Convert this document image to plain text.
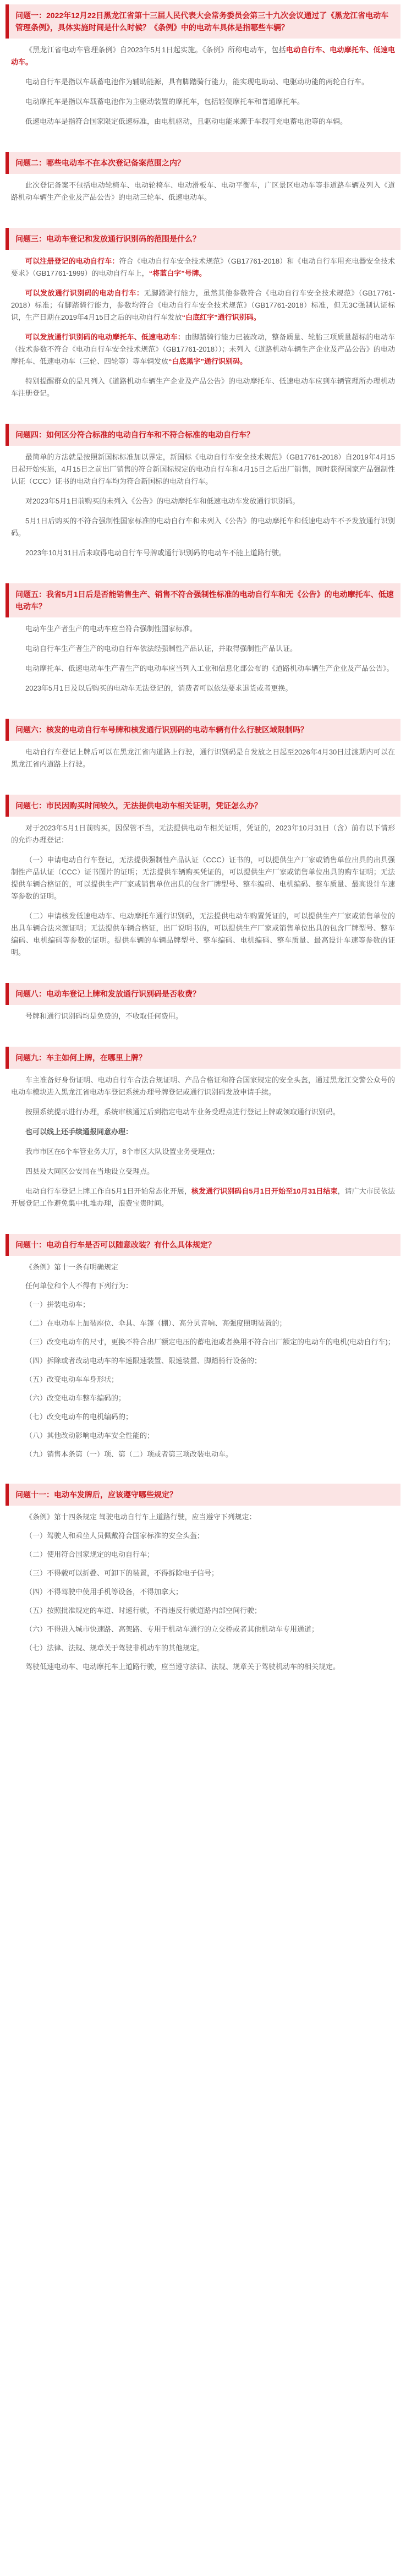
问题一：2022年12月22日黑龙江省第十三届人民代表大会常务委员会第三十九次会议通过了《黑龙江省电动车管理条例》，具体实施时间是什么时候？《条例》中的电动车具体是指哪些车辆？

《黑龙江省电动车管理条例》自2023年5月1日起实施。《条例》所称电动车，包括电动自行车、电动摩托车、低速电动车。

电动自行车是指以车载蓄电池作为辅助能源，具有脚踏骑行能力，能实现电助动、电驱动功能的两轮自行车。

电动摩托车是指以车载蓄电池作为主驱动装置的摩托车，包括轻便摩托车和普通摩托车。

低速电动车是指符合国家限定低速标准，由电机驱动，且驱动电能来源于车载可充电蓄电池等的车辆。

问题二：哪些电动车不在本次登记备案范围之内？

此次登记备案不包括电动轮椅车、电动轮椅车、电动滑板车、电动平衡车，广区景区电动车等非道路车辆及列入《道路机动车辆生产企业及产品公告》的电动三轮车、低速电动车。

问题三：电动车登记和发放通行识别码的范围是什么？

可以注册登记的电动自行车：符合《电动自行车安全技术规范》（GB17761-2018）和《电动自行车用充电器安全技术要求》（GB17761-1999）的电动自行车上，“将蓝白字”号牌。

可以发放通行识别码的电动自行车：无脚踏骑行能力，虽然其他参数符合《电动自行车安全技术规范》（GB17761-2018）标准；有脚踏骑行能力，参数均符合《电动自行车安全技术规范》（GB17761-2018）标准，但无3C强制认证标识，生产日期在2019年4月15日之后的电动自行车发放“白底红字”通行识别码。

可以发放通行识别码的电动摩托车、低速电动车：由脚踏骑行能力已被改动，整备质量、轮胎三项质量超标的电动车（技术参数不符合《电动自行车安全技术规范》（GB17761-2018））；未列入《道路机动车辆生产企业及产品公告》的电动摩托车、低速电动车（三轮、四轮等）等车辆发放“白底黑字”通行识别码。

特别提醒群众的是凡列入《道路机动车辆生产企业及产品公告》的电动摩托车、低速电动车应到车辆管理所办理机动车注册登记。

问题四：如何区分符合标准的电动自行车和不符合标准的电动自行车？

最简单的方法就是按照新国标标准加以界定，新国标《电动自行车安全技术规范》（GB17761-2018）自2019年4月15日起开始实施，4月15日之前出厂销售的符合新国标规定的电动自行车和4月15日之后出厂销售，同时获得国家产品强制性认证（CCC）证书的电动自行车均为符合新国标的电动自行车。

对2023年5月1日前购买的未列入《公告》的电动摩托车和低速电动车发放通行识别码。

5月1日后购买的不符合强制性国家标准的电动自行车和未列入《公告》的电动摩托车和低速电动车不予发放通行识别码。

2023年10月31日后未取得电动自行车号牌或通行识别码的电动车不能上道路行驶。

问题五：我省5月1日后是否能销售生产、销售不符合强制性标准的电动自行车和无《公告》的电动摩托车、低速电动车？

电动车生产者生产的电动车应当符合强制性国家标准。

电动自行车生产者生产的电动自行车依法经强制性产品认证，并取得强制性产品认证。

电动摩托车、低速电动车生产者生产的电动车应当列入工业和信息化部公布的《道路机动车辆生产企业及产品公告》。

2023年5月1日及以后购买的电动车无法登记的，消费者可以依法要求退货或者更换。

问题六：核发的电动自行车号牌和核发通行识别码的电动车辆有什么行驶区域限制吗？

电动自行车登记上牌后可以在黑龙江省内道路上行驶，通行识别码是自发放之日起至2026年4月30日过渡期内可以在黑龙江省内道路上行驶。

问题七：市民因购买时间较久，无法提供电动车相关证明，凭证怎么办？

对于2023年5月1日前购买，因保管不当，无法提供电动车相关证明，凭证的，2023年10月31日（含）前有以下情形的允许办理登记：

（一）申请电动自行车登记，无法提供强制性产品认证（CCC）证书的，可以提供生产厂家或销售单位出具的出具强制性产品认证（CCC）证书图片的证明；无法提供车辆购买凭证的，可以提供生产厂家或销售单位出具的购车证明；无法提供车辆合格证的，可以提供生产厂家或销售单位出具的包含厂牌型号、整车编码、电机编码、整车质量、最高设计车速等参数的证明。

（二）申请核发低速电动车、电动摩托车通行识别码，无法提供电动车购置凭证的，可以提供生产厂家或销售单位的出具车辆合法来源证明；无法提供车辆合格证，出厂说明书的，可以提供生产厂家或销售单位出具的包含厂牌型号、整车编码、电机编码等参数的证明。提供车辆的车辆品牌型号、整车编码、电机编码、整车质量、最高设计车速等参数的证明。

问题八：电动车登记上牌和发放通行识别码是否收费？

号牌和通行识别码均是免费的，不收取任何费用。

问题九：车主如何上牌，在哪里上牌？

车主准备好身份证明、电动自行车合法合规证明、产品合格证和符合国家规定的安全头盔，通过黑龙江交警公众号的电动车模块进入黑龙江省电动车登记系统办理号牌登记或通行识别码发放申请手续。

按照系统提示进行办理，系统审核通过后到指定电动车业务受理点进行登记上牌或领取通行识别码。

也可以线上还手续通报同意办理：

我市市区在6个车管业务大厅，8个市区大队设置业务受理点；

四县及大同区公安局在当地设立受理点。

电动自行车登记上牌工作自5月1日开始常态化开展，核发通行识别码自5月1日开始至10月31日结束，请广大市民依法开展登记工作避免集中扎堆办理，浪费宝贵时间。

问题十：电动自行车是否可以随意改装？有什么具体规定？

《条例》第十一条有明确规定

任何单位和个人不得有下列行为：

（一）拼装电动车；

（二）在电动车上加装座位、伞具、车篷（棚）、高分贝音响、高强度照明装置的；

（三）改变电动车的尺寸，更换不符合出厂额定电压的蓄电池或者换用不符合出厂额定的电动车的电机(电动自行车)；

（四）拆除或者改动电动车的车速限速装置、限速装置、脚踏骑行设备的；

（五）改变电动车车身形状；

（六）改变电动车整车编码的；

（七）改变电动车的电机编码的；

（八）其他改动影响电动车安全性能的；

（九）销售本条第（一）项、第（二）项或者第三项改装电动车。

问题十一：电动车发牌后，应该遵守哪些规定？

《条例》第十四条规定 驾驶电动自行车上道路行驶，应当遵守下列规定：

（一）驾驶人和乘坐人员佩戴符合国家标准的安全头盔；

（二）使用符合国家规定的电动自行车；

（三）不得载可以折叠、可卸下的装置，不得拆除电子信号；

（四）不得驾驶中使用手机等设备，不得加拿大；

（五）按照批准规定的车道、时速行驶，不得违反行驶道路内部空间行驶；

（六）不得进入城市快速路、高架路、专用于机动车通行的立交桥或者其他机动车专用通道；

（七）法律、法规、规章关于驾驶非机动车的其他规定。

驾驶低速电动车、电动摩托车上道路行驶，应当遵守法律、法规、规章关于驾驶机动车的相关规定。
